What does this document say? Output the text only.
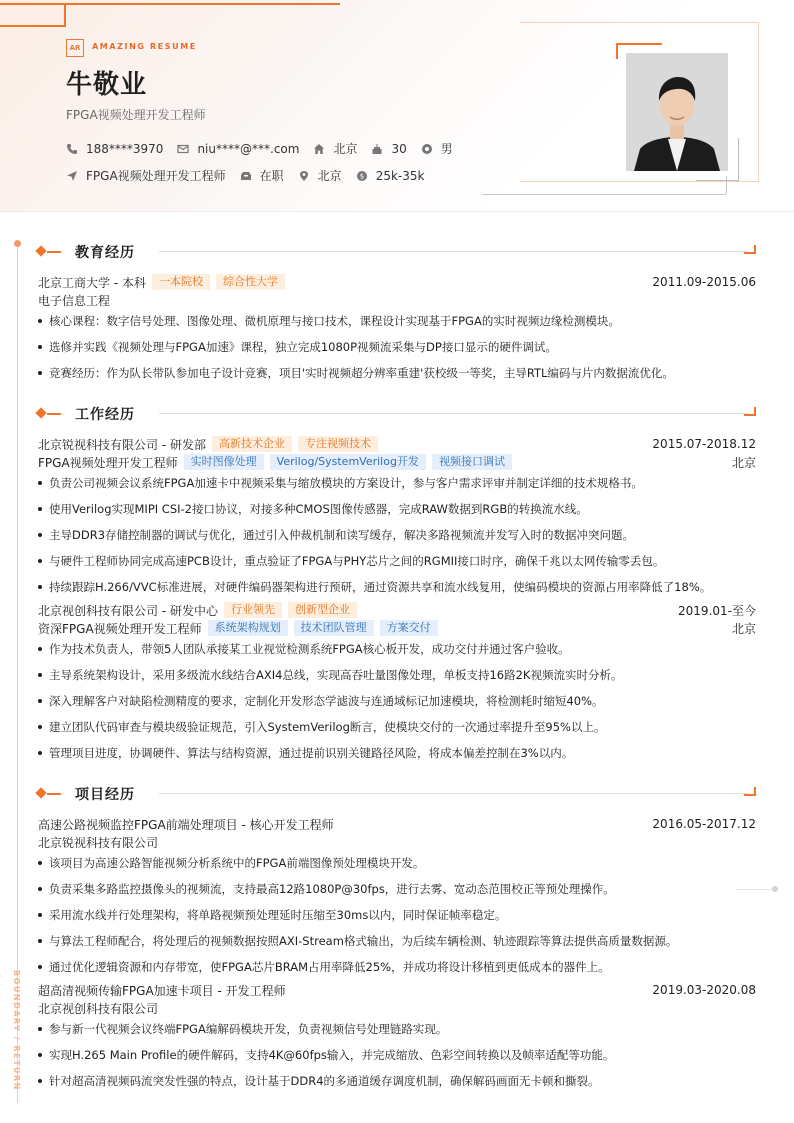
AR	AMAZING RESUME
牛敬业
FPGA视频处理开发工程师
188****3970	niu****@***.com	北京	30	男
FPGA视频处理开发工程师	在职	北京	$ 25k-35k
BOUNDARY / RETURN
教育经历
北京工商大学 - 本科	一本院校	综合性大学	2011.09-2015.06
电子信息工程
核心课程：数字信号处理、图像处理、微机原理与接口技术，课程设计实现基于FPGA的实时视频边缘检测模块。
选修并实践《视频处理与FPGA加速》课程，独立完成1080P视频流采集与DP接口显示的硬件调试。
竞赛经历：作为队长带队参加电子设计竞赛，项目'实时视频超分辨率重建'获校级一等奖，主导RTL编码与片内数据流优化。
工作经历
北京锐视科技有限公司 - 研发部	高新技术企业	专注视频技术	2015.07-2018.12
FPGA视频处理开发工程师	实时图像处理	Verilog/SystemVerilog开发	视频接口调试	北京
负责公司视频会议系统FPGA加速卡中视频采集与缩放模块的方案设计，参与客户需求评审并制定详细的技术规格书。
使用Verilog实现MIPI CSI-2接口协议，对接多种CMOS图像传感器，完成RAW数据到RGB的转换流水线。
主导DDR3存储控制器的调试与优化，通过引入仲裁机制和读写缓存，解决多路视频流并发写入时的数据冲突问题。
与硬件工程师协同完成高速PCB设计，重点验证了FPGA与PHY芯片之间的RGMII接口时序，确保千兆以太网传输零丢包。
持续跟踪H.266/VVC标准进展，对硬件编码器架构进行预研，通过资源共享和流水线复用，使编码模块的资源占用率降低了18%。
北京视创科技有限公司 - 研发中心	行业领先	创新型企业	2019.01-至今
资深FPGA视频处理开发工程师	系统架构规划	技术团队管理	方案交付	北京
作为技术负责人，带领5人团队承接某工业视觉检测系统FPGA核心板开发，成功交付并通过客户验收。
主导系统架构设计，采用多级流水线结合AXI4总线，实现高吞吐量图像处理，单板支持16路2K视频流实时分析。
深入理解客户对缺陷检测精度的要求，定制化开发形态学滤波与连通域标记加速模块，将检测耗时缩短40%。
建立团队代码审查与模块级验证规范，引入SystemVerilog断言，使模块交付的一次通过率提升至95%以上。
管理项目进度，协调硬件、算法与结构资源，通过提前识别关键路径风险，将成本偏差控制在3%以内。
项目经历
高速公路视频监控FPGA前端处理项目 - 核心开发工程师	2016.05-2017.12
北京锐视科技有限公司
该项目为高速公路智能视频分析系统中的FPGA前端图像预处理模块开发。
负责采集多路监控摄像头的视频流，支持最高12路1080P@30fps，进行去雾、宽动态范围校正等预处理操作。
采用流水线并行处理架构，将单路视频预处理延时压缩至30ms以内，同时保证帧率稳定。
与算法工程师配合，将处理后的视频数据按照AXI-Stream格式输出，为后续车辆检测、轨迹跟踪等算法提供高质量数据源。
通过优化逻辑资源和内存带宽，使FPGA芯片BRAM占用率降低25%，并成功将设计移植到更低成本的器件上。
超高清视频传输FPGA加速卡项目 - 开发工程师	2019.03-2020.08
北京视创科技有限公司
参与新一代视频会议终端FPGA编解码模块开发，负责视频信号处理链路实现。
实现H.265 Main Profile的硬件解码，支持4K@60fps输入，并完成缩放、色彩空间转换以及帧率适配等功能。
针对超高清视频码流突发性强的特点，设计基于DDR4的多通道缓存调度机制，确保解码画面无卡顿和撕裂。
